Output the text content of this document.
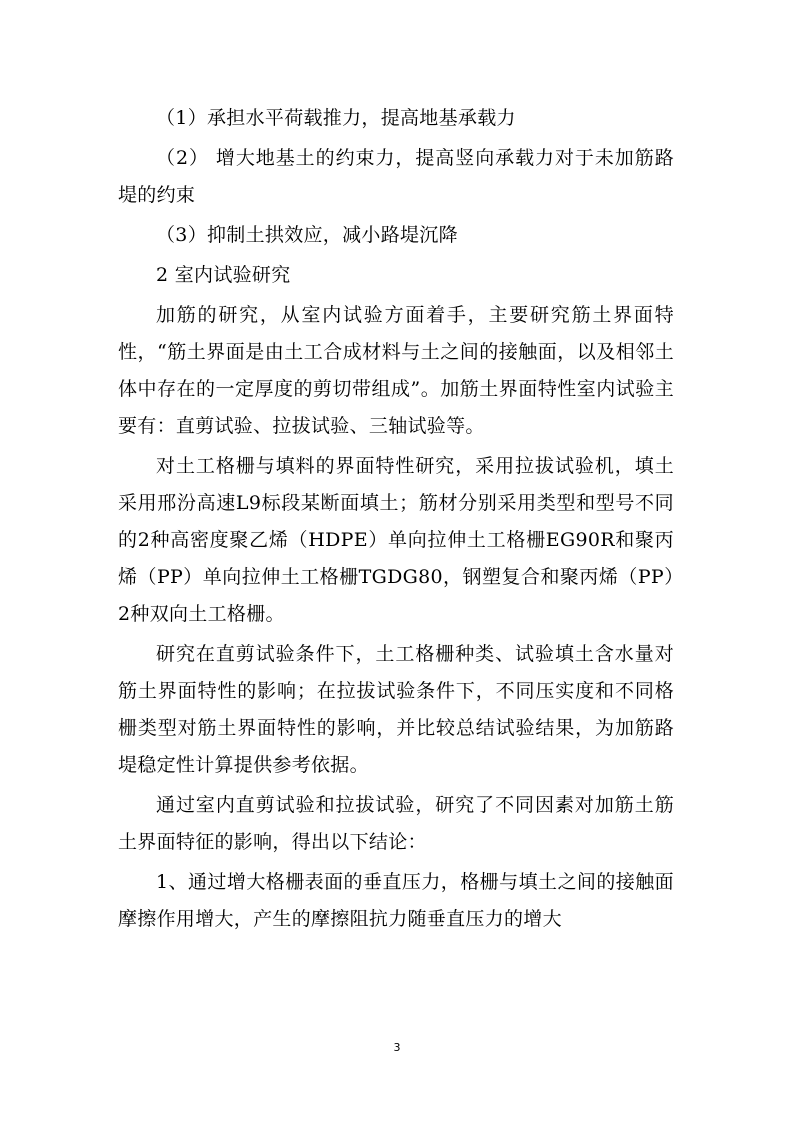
（1）承担水平荷载推力，提高地基承载力

（2） 增大地基土的约束力，提高竖向承载力对于未加筋路堤的约束

（3）抑制土拱效应，减小路堤沉降

2 室内试验研究

加筋的研究，从室内试验方面着手，主要研究筋土界面特性，“筋土界面是由土工合成材料与土之间的接触面，以及相邻土体中存在的一定厚度的剪切带组成”。加筋土界面特性室内试验主要有：直剪试验、拉拔试验、三轴试验等。

对土工格栅与填料的界面特性研究，采用拉拔试验机，填土采用邢汾高速L9标段某断面填土；筋材分别采用类型和型号不同的2种高密度聚乙烯（HDPE）单向拉伸土工格栅EG90R和聚丙烯（PP）单向拉伸土工格栅TGDG80，钢塑复合和聚丙烯（PP）2种双向土工格栅。

研究在直剪试验条件下，土工格栅种类、试验填土含水量对筋土界面特性的影响；在拉拔试验条件下，不同压实度和不同格栅类型对筋土界面特性的影响，并比较总结试验结果，为加筋路堤稳定性计算提供参考依据。

通过室内直剪试验和拉拔试验，研究了不同因素对加筋土筋土界面特征的影响，得出以下结论：

1、通过增大格栅表面的垂直压力，格栅与填土之间的接触面摩擦作用增大，产生的摩擦阻抗力随垂直压力的增大

3
